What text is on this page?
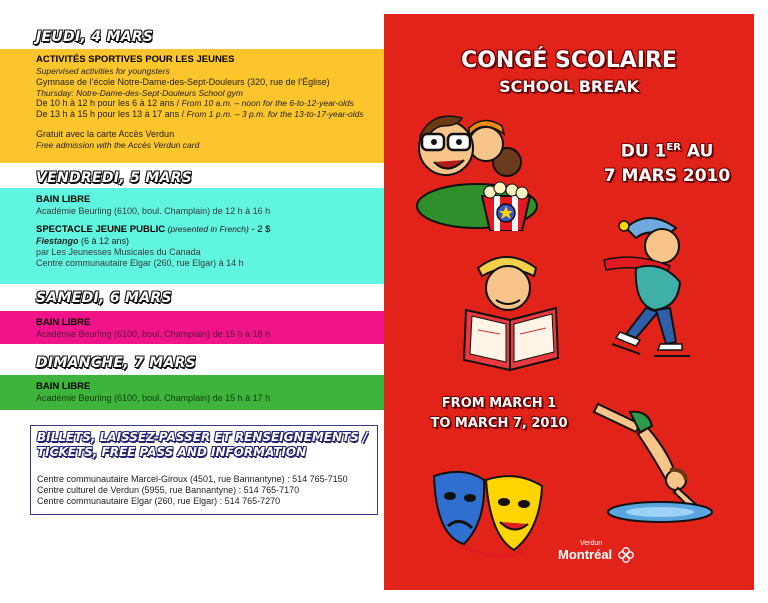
JEUDI, 4 MARS
ACTIVITÉS SPORTIVES POUR LES JEUNES
Supervised activities for youngsters
Gymnase de l’école Notre-Dame-des-Sept-Douleurs (320, rue de l’Église)
Thursday: Notre-Dame-des-Sept-Douleurs School gym
De 10 h à 12 h pour les 6 à 12 ans / From 10 a.m. – noon for the 6-to-12-year-olds
De 13 h à 15 h pour les 13 à 17 ans / From 1 p.m. – 3 p.m. for the 13-to-17-year-olds
Gratuit avec la carte Accès Verdun
Free admission with the Accès Verdun card
VENDREDI, 5 MARS
BAIN LIBRE
Académie Beurling (6100, boul. Champlain) de 12 h à 16 h
SPECTACLE JEUNE PUBLIC (presented in French) - 2 $
Fiestango (6 à 12 ans)
par Les Jeunesses Musicales du Canada
Centre communautaire Elgar (260, rue Elgar) à 14 h
SAMEDI, 6 MARS
BAIN LIBRE
Académie Beurling (6100, boul. Champlain) de 15 h à 18 h
DIMANCHE, 7 MARS
BAIN LIBRE
Académie Beurling (6100, boul. Champlain) de 15 h à 17 h
BILLETS, LAISSEZ-PASSER ET RENSEIGNEMENTS /
TICKETS, FREE PASS AND INFORMATION
Centre communautaire Marcel-Giroux (4501, rue Bannantyne) : 514 765-7150
Centre culturel de Verdun (5955, rue Bannantyne) : 514 765-7170
Centre communautaire Elgar (260, rue Elgar) : 514 765-7270
CONGÉ SCOLAIRE
SCHOOL BREAK
DU 1ER AU
7 MARS 2010
FROM MARCH 1
TO MARCH 7, 2010
Verdun
Montréal
